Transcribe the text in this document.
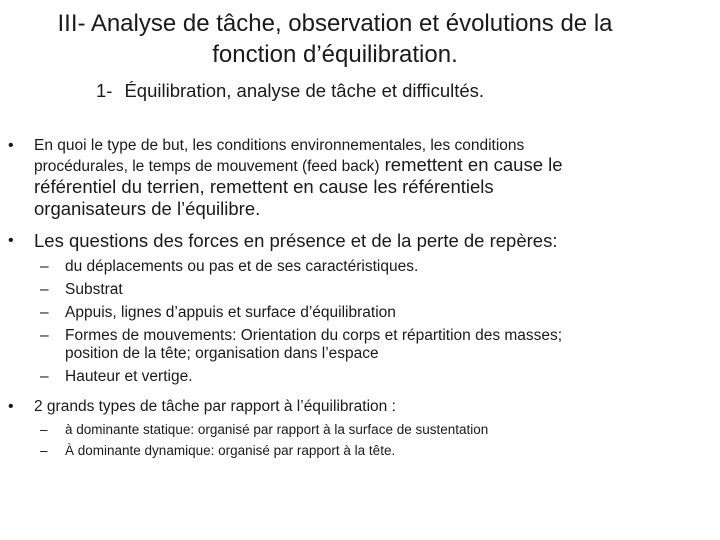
III- Analyse de tâche, observation et évolutions de la
fonction d’équilibration.
1- Équilibration, analyse de tâche et difficultés.
• En quoi le type de but, les conditions environnementales, les conditions
procédurales, le temps de mouvement (feed back) remettent en cause le
référentiel du terrien, remettent en cause les référentiels
organisateurs de l’équilibre.
• Les questions des forces en présence et de la perte de repères:
– du déplacements ou pas et de ses caractéristiques.
– Substrat
– Appuis, lignes d’appuis et surface d’équilibration
– Formes de mouvements: Orientation du corps et répartition des masses;
position de la tête; organisation dans l’espace
– Hauteur et vertige.
• 2 grands types de tâche par rapport à l’équilibration :
– à dominante statique: organisé par rapport à la surface de sustentation
– À dominante dynamique: organisé par rapport à la tête.
